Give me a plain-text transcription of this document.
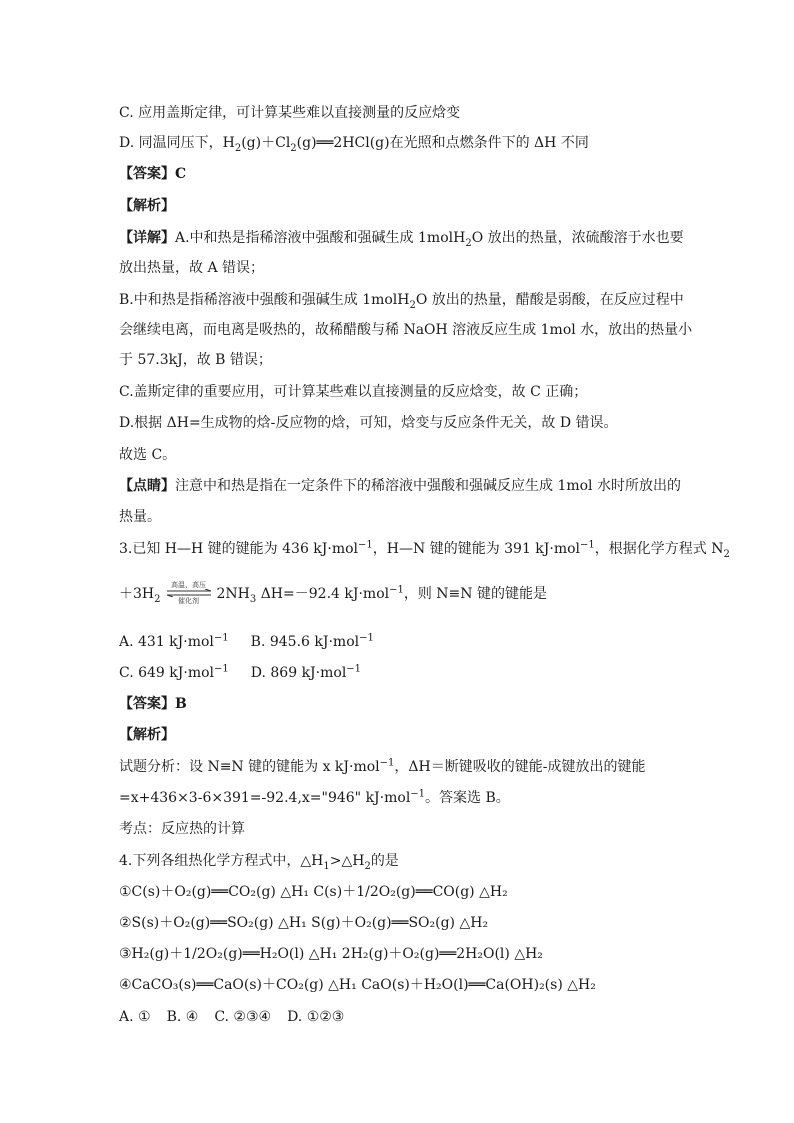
C. 应用盖斯定律，可计算某些难以直接测量的反应焓变
D. 同温同压下，$H_2(g)+Cl_2(g)══2HCl(g)$在光照和点燃条件下的 ΔH 不同
【答案】C
【解析】
【详解】A.中和热是指稀溶液中强酸和强碱生成 1molH$_2$O 放出的热量，浓硫酸溶于水也要
放出热量，故 A 错误；
B.中和热是指稀溶液中强酸和强碱生成 1molH$_2$O 放出的热量，醋酸是弱酸，在反应过程中
会继续电离，而电离是吸热的，故稀醋酸与稀 NaOH 溶液反应生成 1mol 水，放出的热量小
于 57.3kJ，故 B 错误；
C.盖斯定律的重要应用，可计算某些难以直接测量的反应焓变，故 C 正确；
D.根据 ΔH=生成物的焓-反应物的焓，可知，焓变与反应条件无关，故 D 错误。
故选 C。
【点睛】注意中和热是指在一定条件下的稀溶液中强酸和强碱反应生成 1mol 水时所放出的
热量。
3.已知 H—H 键的键能为 436 kJ·mol$^{-1}$，H—N 键的键能为 391 kJ·mol$^{-1}$，根据化学方程式 $N_2$
$+3H_2$
高温、高压
催化剂	$2NH_3$ ΔH=－92.4 kJ·mol$^{-1}$，则 N≡N 键的键能是
A. 431 kJ·mol$^{-1}$ B. 945.6 kJ·mol$^{-1}$
C. 649 kJ·mol$^{-1}$ D. 869 kJ·mol$^{-1}$
【答案】B
【解析】
试题分析：设 N≡N 键的键能为 x kJ·mol$^{-1}$，ΔH＝断键吸收的键能-成键放出的键能
=x+436×3-6×391=-92.4,x="946" kJ·mol$^{-1}$。答案选 B。
考点：反应热的计算
4.下列各组热化学方程式中，$\triangle H_1>\triangle H_2$的是
①C(s)＋O₂(g)══CO₂(g) △H₁ C(s)＋1/2O₂(g)══CO(g) △H₂
②S(s)＋O₂(g)══SO₂(g) △H₁ S(g)＋O₂(g)══SO₂(g) △H₂
③H₂(g)＋1/2O₂(g)══H₂O(l) △H₁ 2H₂(g)＋O₂(g)══2H₂O(l) △H₂
④CaCO₃(s)══CaO(s)＋CO₂(g) △H₁ CaO(s)＋H₂O(l)══Ca(OH)₂(s) △H₂
A. ① B. ④ C. ②③④ D. ①②③
